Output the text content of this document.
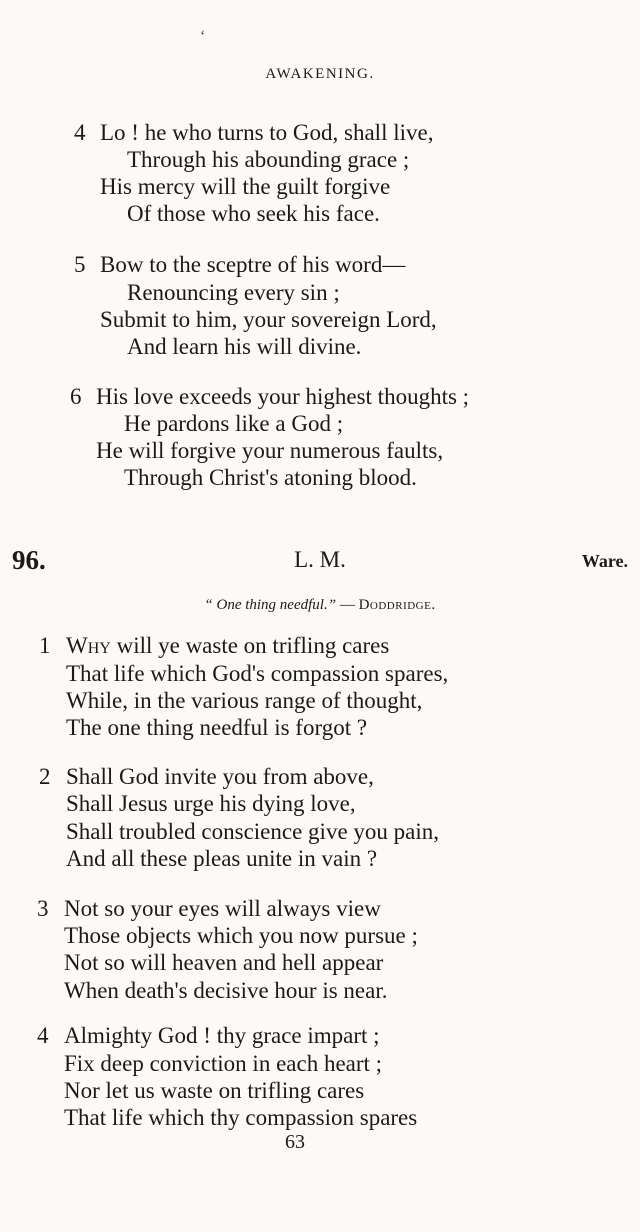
‘
AWAKENING.
4 Lo ! he who turns to God, shall live,
Through his abounding grace ;
His mercy will the guilt forgive
Of those who seek his face.
5 Bow to the sceptre of his word—
Renouncing every sin ;
Submit to him, your sovereign Lord,
And learn his will divine.
6 His love exceeds your highest thoughts ;
He pardons like a God ;
He will forgive your numerous faults,
Through Christ's atoning blood.
96.	L. M.	Ware.
“ One thing needful.” — Doddridge.
1 Why will ye waste on trifling cares
That life which God's compassion spares,
While, in the various range of thought,
The one thing needful is forgot ?
2 Shall God invite you from above,
Shall Jesus urge his dying love,
Shall troubled conscience give you pain,
And all these pleas unite in vain ?
3 Not so your eyes will always view
Those objects which you now pursue ;
Not so will heaven and hell appear
When death's decisive hour is near.
4 Almighty God ! thy grace impart ;
Fix deep conviction in each heart ;
Nor let us waste on trifling cares
That life which thy compassion spares
63
